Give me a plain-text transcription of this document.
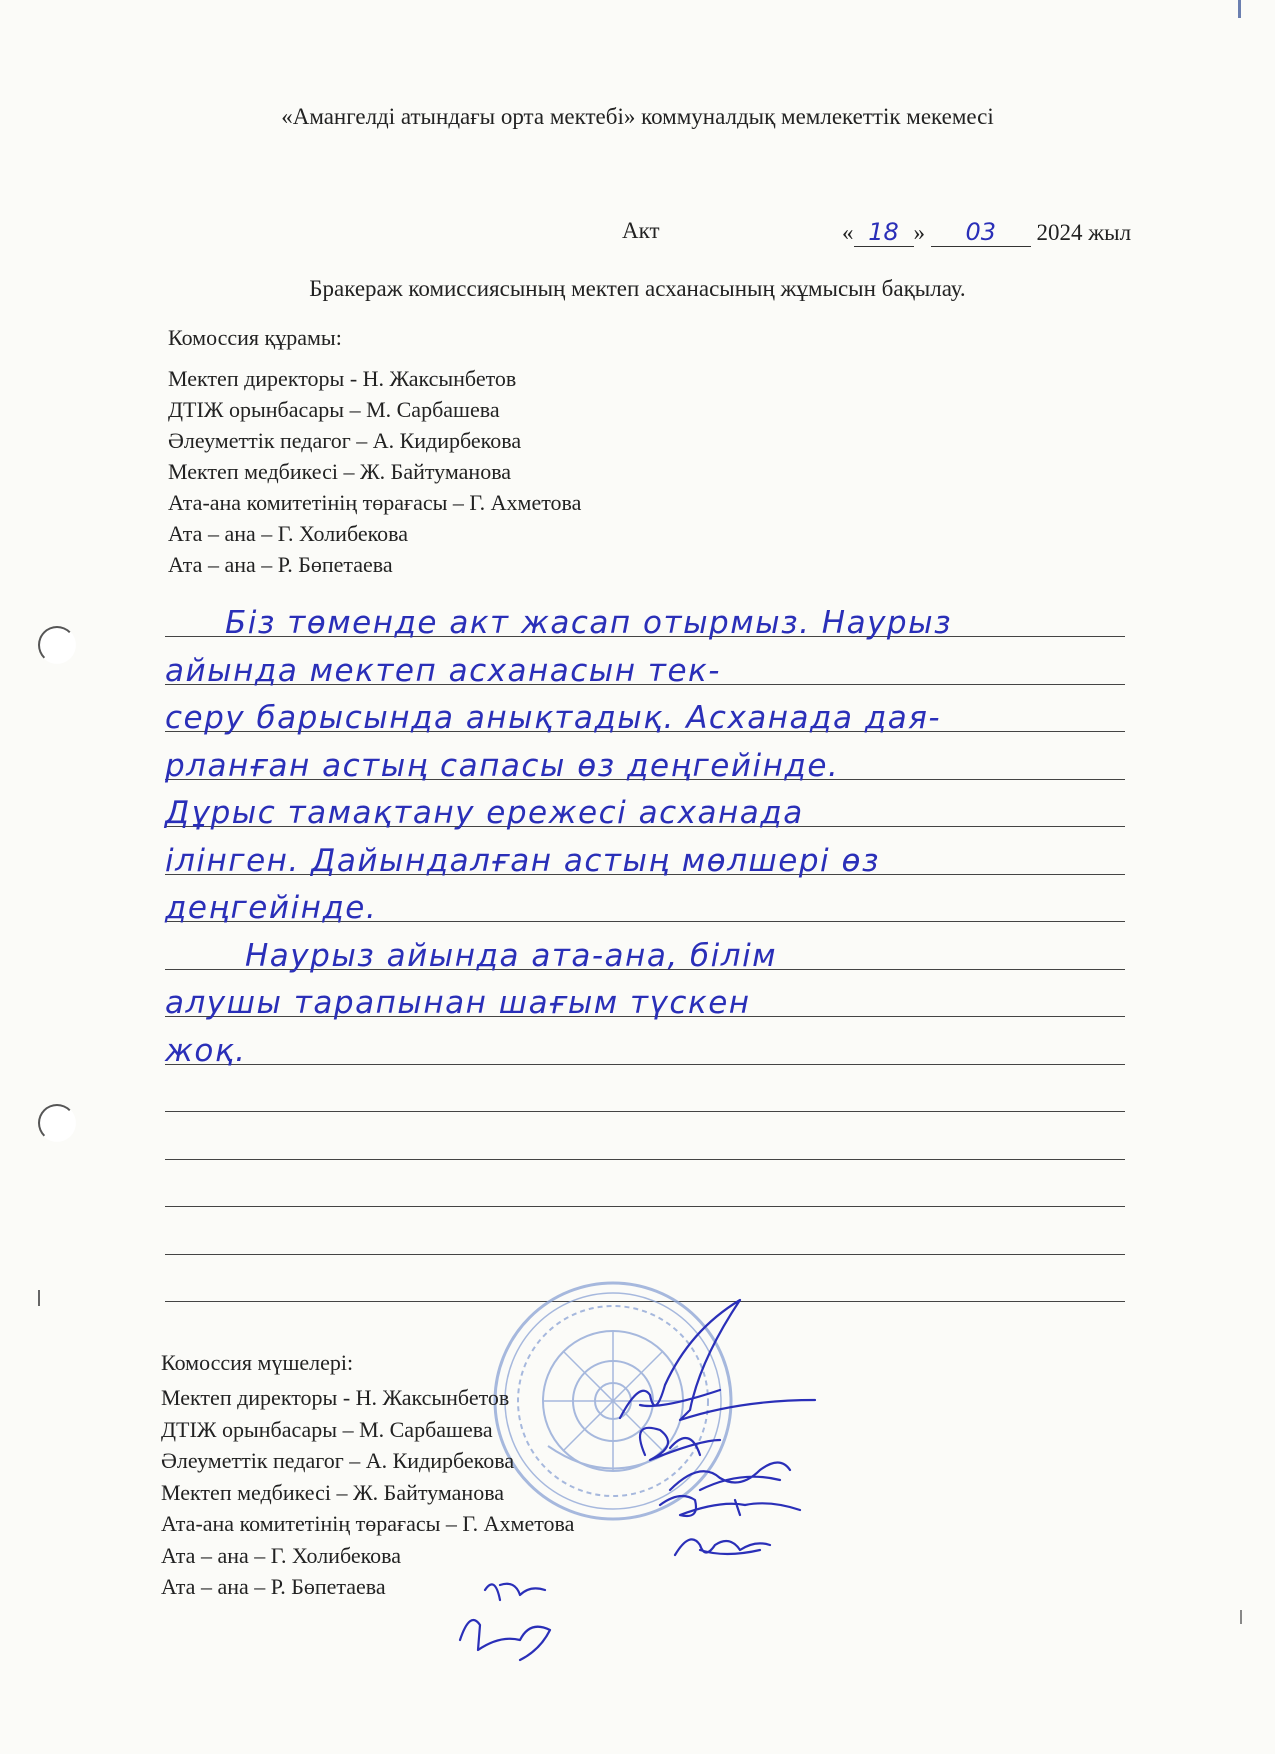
«Амангелді атындағы орта мектебі» коммуналдық мемлекеттік мекемесі
Акт	« 18 » 03 2024 жыл
Бракераж комиссиясының мектеп асханасының жұмысын бақылау.
Комоссия құрамы:
Мектеп директоры - Н. Жаксынбетов
ДТІЖ орынбасары – М. Сарбашева
Әлеуметтік педагог – А. Кидирбекова
Мектеп медбикесі – Ж. Байтуманова
Ата-ана комитетінің төрағасы – Г. Ахметова
Ата – ана – Г. Холибекова
Ата – ана – Р. Бөпетаева
Біз төменде акт жасап отырмыз. Наурыз
айында мектеп асханасын тек-
серу барысында анықтадық. Асханада дая-
рланған астың сапасы өз деңгейінде.
Дұрыс тамақтану ережесі асханада
ілінген. Дайындалған астың мөлшері өз
деңгейінде.
Наурыз айында ата-ана, білім
алушы тарапынан шағым түскен
жоқ.
Комоссия мүшелері:
Мектеп директоры - Н. Жаксынбетов
ДТІЖ орынбасары – М. Сарбашева
Әлеуметтік педагог – А. Кидирбекова
Мектеп медбикесі – Ж. Байтуманова
Ата-ана комитетінің төрағасы – Г. Ахметова
Ата – ана – Г. Холибекова
Ата – ана – Р. Бөпетаева
